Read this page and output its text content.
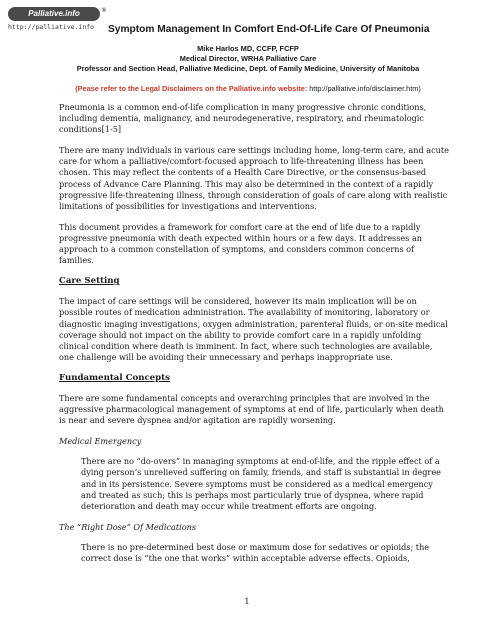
Palliative.info	®
http://palliative.info	Symptom Management In Comfort End-Of-Life Care Of Pneumonia
Mike Harlos MD, CCFP, FCFP
Medical Director, WRHA Palliative Care
Professor and Section Head, Palliative Medicine, Dept. of Family Medicine, University of Manitoba
(Pease refer to the Legal Disclaimers on the Palliative.info website: http://palliative.info/disclaimer.htm)

Pneumonia is a common end-of-life complication in many progressive chronic conditions, including dementia, malignancy, and neurodegenerative, respiratory, and rheumatologic conditions[1-5]

There are many individuals in various care settings including home, long-term care, and acute care for whom a palliative/comfort-focused approach to life-threatening illness has been chosen. This may reflect the contents of a Health Care Directive, or the consensus-based process of Advance Care Planning. This may also be determined in the context of a rapidly progressive life-threatening illness, through consideration of goals of care along with realistic limitations of possibilities for investigations and interventions.

This document provides a framework for comfort care at the end of life due to a rapidly progressive pneumonia with death expected within hours or a few days. It addresses an approach to a common constellation of symptoms, and considers common concerns of families.

Care Setting

The impact of care settings will be considered, however its main implication will be on possible routes of medication administration. The availability of monitoring, laboratory or diagnostic imaging investigations, oxygen administration, parenteral fluids, or on-site medical coverage should not impact on the ability to provide comfort care in a rapidly unfolding clinical condition where death is imminent. In fact, where such technologies are available, one challenge will be avoiding their unnecessary and perhaps inappropriate use.

Fundamental Concepts

There are some fundamental concepts and overarching principles that are involved in the aggressive pharmacological management of symptoms at end of life, particularly when death is near and severe dyspnea and/or agitation are rapidly worsening.

Medical Emergency

There are no “do-overs” in managing symptoms at end-of-life, and the ripple effect of a dying person’s unrelieved suffering on family, friends, and staff is substantial in degree and in its persistence. Severe symptoms must be considered as a medical emergency and treated as such; this is perhaps most particularly true of dyspnea, where rapid deterioration and death may occur while treatment efforts are ongoing.

The “Right Dose” Of Medications

There is no pre-determined best dose or maximum dose for sedatives or opioids; the correct dose is “the one that works” within acceptable adverse effects. Opioids,

1
